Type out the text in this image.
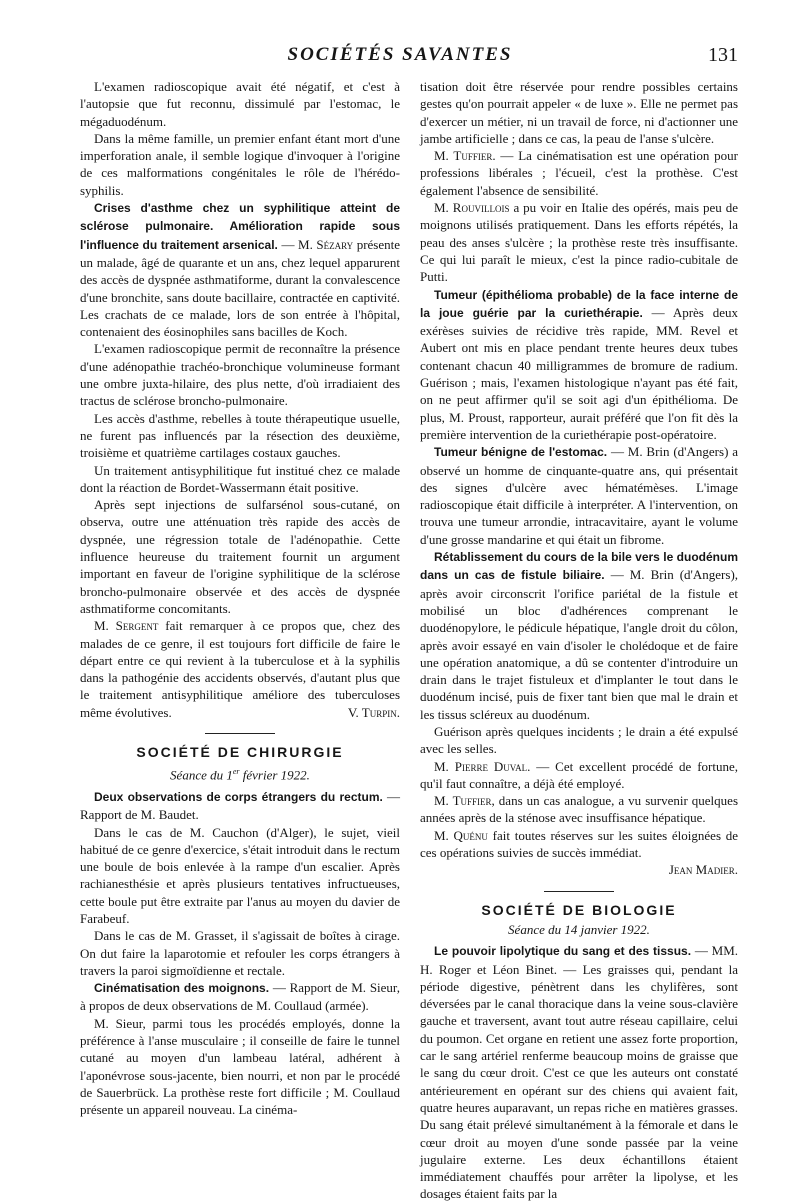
SOCIÉTÉS SAVANTES	131

L'examen radioscopique avait été négatif, et c'est à l'autopsie que fut reconnu, dissimulé par l'estomac, le mégaduodénum.

Dans la même famille, un premier enfant étant mort d'une imperforation anale, il semble logique d'invoquer à l'origine de ces malformations congénitales le rôle de l'hérédo-syphilis.

Crises d'asthme chez un syphilitique atteint de sclérose pulmonaire. Amélioration rapide sous l'influence du traitement arsenical. — M. Sézary présente un malade, âgé de quarante et un ans, chez lequel apparurent des accès de dyspnée asthmatiforme, durant la convalescence d'une bronchite, sans doute bacillaire, contractée en captivité. Les crachats de ce malade, lors de son entrée à l'hôpital, contenaient des éosinophiles sans bacilles de Koch.

L'examen radioscopique permit de reconnaître la présence d'une adénopathie trachéo-bronchique volumineuse formant une ombre juxta-hilaire, des plus nette, d'où irradiaient des tractus de sclérose broncho-pulmonaire.

Les accès d'asthme, rebelles à toute thérapeutique usuelle, ne furent pas influencés par la résection des deuxième, troisième et quatrième cartilages costaux gauches.

Un traitement antisyphilitique fut institué chez ce malade dont la réaction de Bordet-Wassermann était positive.

Après sept injections de sulfarsénol sous-cutané, on observa, outre une atténuation très rapide des accès de dyspnée, une régression totale de l'adénopathie. Cette influence heureuse du traitement fournit un argument important en faveur de l'origine syphilitique de la sclérose broncho-pulmonaire observée et des accès de dyspnée asthmatiforme concomitants.

M. Sergent fait remarquer à ce propos que, chez des malades de ce genre, il est toujours fort difficile de faire le départ entre ce qui revient à la tuberculose et à la syphilis dans la pathogénie des accidents observés, d'autant plus que le traitement antisyphilitique améliore des tuberculoses même évolutives.	V. Turpin.

SOCIÉTÉ DE CHIRURGIE
Séance du 1er février 1922.

Deux observations de corps étrangers du rectum. — Rapport de M. Baudet.

Dans le cas de M. Cauchon (d'Alger), le sujet, vieil habitué de ce genre d'exercice, s'était introduit dans le rectum une boule de bois enlevée à la rampe d'un escalier. Après rachianesthésie et après plusieurs tentatives infructueuses, cette boule put être extraite par l'anus au moyen du davier de Farabeuf.

Dans le cas de M. Grasset, il s'agissait de boîtes à cirage. On dut faire la laparotomie et refouler les corps étrangers à travers la paroi sigmoïdienne et rectale.

Cinématisation des moignons. — Rapport de M. Sieur, à propos de deux observations de M. Coullaud (armée).

M. Sieur, parmi tous les procédés employés, donne la préférence à l'anse musculaire ; il conseille de faire le tunnel cutané au moyen d'un lambeau latéral, adhérent à l'aponévrose sous-jacente, bien nourri, et non par le procédé de Sauerbrück. La prothèse reste fort difficile ; M. Coullaud présente un appareil nouveau. La cinéma-

tisation doit être réservée pour rendre possibles certains gestes qu'on pourrait appeler « de luxe ». Elle ne permet pas d'exercer un métier, ni un travail de force, ni d'actionner une jambe artificielle ; dans ce cas, la peau de l'anse s'ulcère.

M. Tuffier. — La cinématisation est une opération pour professions libérales ; l'écueil, c'est la prothèse. C'est également l'absence de sensibilité.

M. Rouvillois a pu voir en Italie des opérés, mais peu de moignons utilisés pratiquement. Dans les efforts répétés, la peau des anses s'ulcère ; la prothèse reste très insuffisante. Ce qui lui paraît le mieux, c'est la pince radio-cubitale de Putti.

Tumeur (épithélioma probable) de la face interne de la joue guérie par la curiethérapie. — Après deux exérèses suivies de récidive très rapide, MM. Revel et Aubert ont mis en place pendant trente heures deux tubes contenant chacun 40 milligrammes de bromure de radium. Guérison ; mais, l'examen histologique n'ayant pas été fait, on ne peut affirmer qu'il se soit agi d'un épithélioma. De plus, M. Proust, rapporteur, aurait préféré que l'on fit dès la première intervention de la curiethérapie post-opératoire.

Tumeur bénigne de l'estomac. — M. Brin (d'Angers) a observé un homme de cinquante-quatre ans, qui présentait des signes d'ulcère avec hématémèses. L'image radioscopique était difficile à interpréter. A l'intervention, on trouva une tumeur arrondie, intracavitaire, ayant le volume d'une grosse mandarine et qui était un fibrome.

Rétablissement du cours de la bile vers le duodénum dans un cas de fistule biliaire. — M. Brin (d'Angers), après avoir circonscrit l'orifice pariétal de la fistule et mobilisé un bloc d'adhérences comprenant le duodénopylore, le pédicule hépatique, l'angle droit du côlon, après avoir essayé en vain d'isoler le cholédoque et de faire une opération anatomique, a dû se contenter d'introduire un drain dans le trajet fistuleux et d'implanter le tout dans le duodénum incisé, puis de fixer tant bien que mal le drain et les tissus scléreux au duodénum.

Guérison après quelques incidents ; le drain a été expulsé avec les selles.

M. Pierre Duval. — Cet excellent procédé de fortune, qu'il faut connaître, a déjà été employé.

M. Tuffier, dans un cas analogue, a vu survenir quelques années après de la sténose avec insuffisance hépatique.

M. Quénu fait toutes réserves sur les suites éloignées de ces opérations suivies de succès immédiat.

Jean Madier.
SOCIÉTÉ DE BIOLOGIE
Séance du 14 janvier 1922.

Le pouvoir lipolytique du sang et des tissus. — MM. H. Roger et Léon Binet. — Les graisses qui, pendant la période digestive, pénètrent dans les chylifères, sont déversées par le canal thoracique dans la veine sous-clavière gauche et traversent, avant tout autre réseau capillaire, celui du poumon. Cet organe en retient une assez forte proportion, car le sang artériel renferme beaucoup moins de graisse que le sang du cœur droit. C'est ce que les auteurs ont constaté antérieurement en opérant sur des chiens qui avaient fait, quatre heures auparavant, un repas riche en matières grasses. Du sang était prélevé simultanément à la fémorale et dans le cœur droit au moyen d'une sonde passée par la veine jugulaire externe. Les deux échantillons étaient immédiatement chauffés pour arrêter la lipolyse, et les dosages étaient faits par la
